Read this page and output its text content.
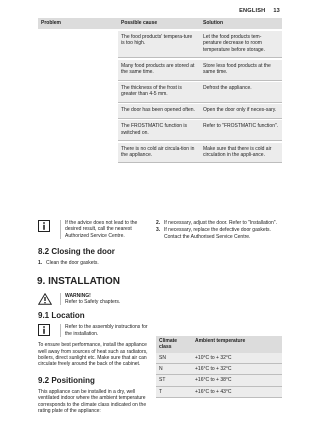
ENGLISH 13
Problem	Possible cause	Solution

	The food products' tempera-ture is too high.	Let the food products tem-perature decrease to room temperature before storage.

	Many food products are stored at the same time.	Store less food products at the same time.

	The thickness of the frost is greater than 4-5 mm.	Defrost the appliance.

	The door has been opened often.	Open the door only if neces-sary.

	The FROSTMATIC function is switched on.	Refer to "FROSTMATIC function".

	There is no cold air circula-tion in the appliance.	Make sure that there is cold air circulation in the appli-ance.
If the advice does not lead to the desired result, call the nearest Authorized Service Centre.
8.2 Closing the door
1. Clean the door gaskets.
9. INSTALLATION
WARNING!
Refer to Safety chapters.
9.1 Location
Refer to the assembly instructions for the installation.
To ensure best performance, install the appliance well away from sources of heat such as radiators, boilers, direct sunlight etc. Make sure that air can circulate freely around the back of the cabinet.
9.2 Positioning
This appliance can be installed in a dry, well ventilated indoor where the ambient temperature corresponds to the climate class indicated on the rating plate of the appliance:
2. If necessary, adjust the door. Refer to "Installation".
3. If necessary, replace the defective door gaskets. Contact the Authorised Service Centre.
Climate class	Ambient temperature
SN	+10°C to + 32°C
N	+16°C to + 32°C
ST	+16°C to + 38°C
T	+16°C to + 43°C
